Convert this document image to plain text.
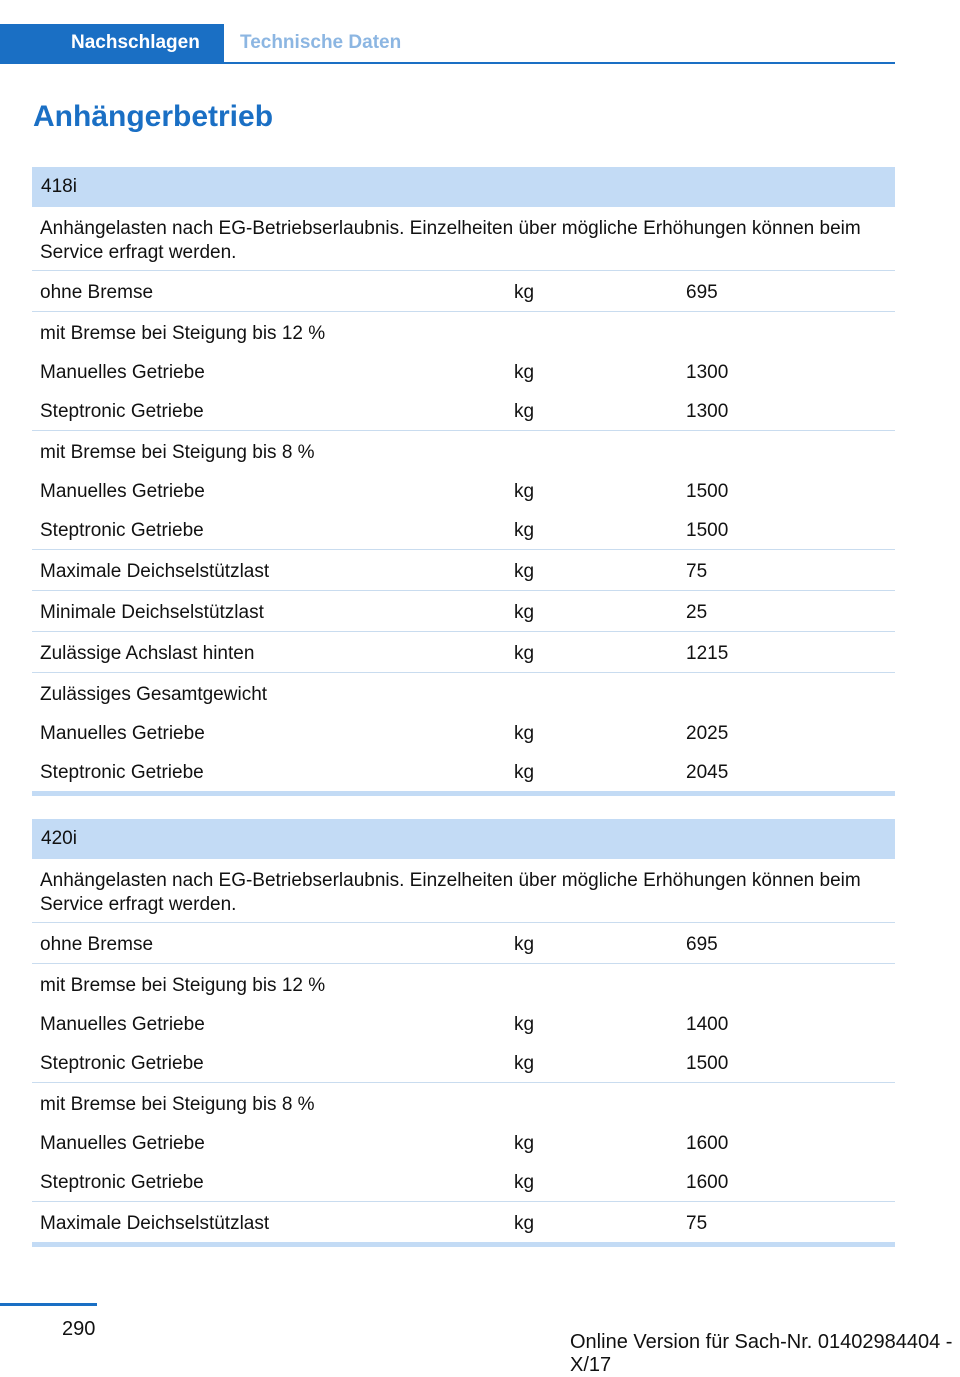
Nachschlagen	Technische Daten
Anhängerbetrieb
418i
Anhängelasten nach EG-Betriebserlaubnis. Einzelheiten über mögliche Erhöhungen können beim Service erfragt werden.
ohne Bremse	kg	695
mit Bremse bei Steigung bis 12 %
Manuelles Getriebe	kg	1300
Steptronic Getriebe	kg	1300
mit Bremse bei Steigung bis 8 %
Manuelles Getriebe	kg	1500
Steptronic Getriebe	kg	1500
Maximale Deichselstützlast	kg	75
Minimale Deichselstützlast	kg	25
Zulässige Achslast hinten	kg	1215
Zulässiges Gesamtgewicht
Manuelles Getriebe	kg	2025
Steptronic Getriebe	kg	2045
420i
Anhängelasten nach EG-Betriebserlaubnis. Einzelheiten über mögliche Erhöhungen können beim Service erfragt werden.
ohne Bremse	kg	695
mit Bremse bei Steigung bis 12 %
Manuelles Getriebe	kg	1400
Steptronic Getriebe	kg	1500
mit Bremse bei Steigung bis 8 %
Manuelles Getriebe	kg	1600
Steptronic Getriebe	kg	1600
Maximale Deichselstützlast	kg	75
290
Online Version für Sach-Nr. 01402984404 - X/17
